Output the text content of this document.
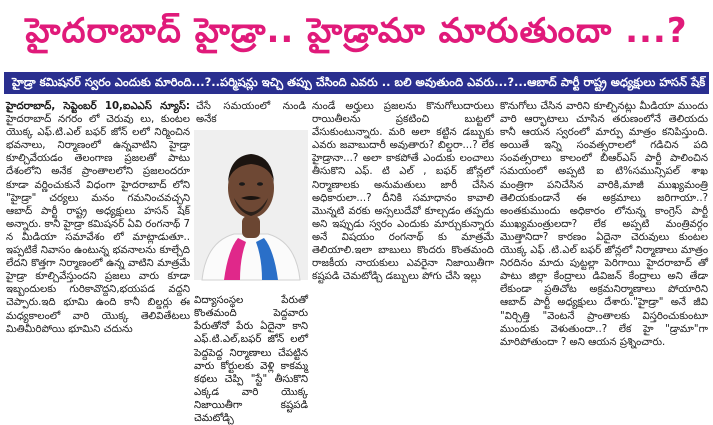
హైదరాబాద్ హైడ్రా.. హైడ్రామా మారుతుందా ...?
హైడ్రా కమిషనర్ స్వరం ఎందుకు మారింది...?..పర్మిషన్లు ఇచ్చి తప్పు చేసింది ఎవరు .. బలి అవుతుంది ఎవరు...?...ఆబాద్ పార్టీ రాష్ట్ర అధ్యక్షులు హసన్ షేక్

హైదరాబాద్, సెప్టెంబర్ 10,ఐఎఎస్ న్యూస్: హైదరాబాద్ నగరం లో చెరువు లు, కుంటల యొక్క ఎఫ్.టి.ఎల్ బఫర్ జోన్ లలో నిర్మించిన భవనాలు, నిర్మాణంలో ఉన్నవాటిని హైడ్రా కూల్చివేయడం తెలంగాణ ప్రజలతో పాటు దేశంలోని అనేక ప్రాంతాలలోని ప్రజలందరూ కూడా వర్ణించుకునే విధంగా హైదరాబాద్ లోని "హైడ్రా" చర్యలు మనం గమనించవచ్చని ఆబాద్ పార్టీ రాష్ట్ర అధ్యక్షులు హసన్ షేక్ అన్నారు. కానీ హైడ్రా కమిషనర్ ఏవి రంగనాథ్ 7 న మీడియా సమావేశం లో మాట్లాడుతూ.. ఇప్పటికే నివాసం ఉంటున్న భవనాలను కూల్చేది లేదని కొత్తగా నిర్మాణంలో ఉన్న వాటిని మాత్రమే హైడ్రా కూల్చివేస్తుందని ప్రజలు వారు కూడా ఇబ్బందులకు గురికావొద్దని,భయపడ వద్దని చెప్పారు.ఇది భూమి ఉంది కానీ బిల్డర్లు ఈ మధ్యకాలంలో వారి యొక్క తెలివితేటలు మితిమీరిపోయి భూమిని చదును

చేసే సమయంలో నుండి అనేక

విద్యాసంస్థల పేరుతో కొంతమంది పెద్దవారు పేరుతోనో పేరు ఏదైనా కాని ఎఫ్.టి.ఎల్,బఫర్ జోన్ లలో పెద్దపెద్ద నిర్మాణాలు చేపట్టిన వారు కోర్టులకు వెళ్లి కాకమ్మ కథలు చెప్పి "స్టే" తీసుకొని ఎక్కడ వారి యొక్క నిజాయితీగా కష్టపడి చెమటోడ్చి

నుండే అర్హులు ప్రజలను కొనుగోలుదారులు రాయితీలను ప్రకటించి బుట్టలో వేసుకుంటున్నారు. మరి అలా కట్టిన డబ్బుకు ఎవరు జవాబుదారీ అవుతారు? బిల్డరా...? లేక హైడ్రానా...? అలా కాకపోతే ఎందుకు లంచాలు తీసుకొని ఎఫ్. టి ఎల్ , బఫర్ జోన్లలో నిర్మాణాలకు అనుమతులు జారీ చేసిన అధికారులా...? దీనికి సమాధానం కావాలి మొన్నటి వరకు అస్సలుదేవో కూల్చడం తప్పదు అని ఇప్పుడు స్వరం ఎందుకు మార్చుకున్నారు అనే విషయం రంగనాథ్ కు మాత్రమే తెలియాలి.ఇలా బాబులు కొందరు కొంతమంది రాజకీయ నాయకులు ఎవరైనా నిజాయితీగా కష్టపడి చెమటోడ్చి డబ్బులు పోగు చేసి ఇల్లు

కొనుగోలు చేసిన వారిని కూల్చినట్లు మీడియా ముందు వారి ఆర్భాటాలు చూసిన తరుణంలోనే తెలియదు కానీ ఆయన స్వరంలో మార్పు మాత్రం కనిపిస్తుంది. అయితే ఇన్ని సంవత్సరాలలో గడిచిన పది సంవత్సరాలు కాలంలో బీఆర్ఎస్ పార్టీ పాలించిన సమయంలో అప్పటి ఐ టి%సమున్సిపల్ శాఖ మంత్రిగా పనిచేసిన వారికి,మాజీ ముఖ్యమంత్రి తెలియకుండానే ఈ అక్రమాలు జరిగాయా..? అంతకుముందు అధికారం లోనున్న కాంగ్రెస్ పార్టీ ముఖ్యమంత్రులదా? లేక అప్పటి మంత్రివర్గం మొత్తానిదా? కారణం ఏదైనా చెరువులు కుంటల యొక్క ఎఫ్ .టి.ఎల్ బఫర్ జోన్లలో నిర్మాణాలు మాత్రం నిరదినం మాదు పుట్టల్లా పెరిగాయి హైదరాబాద్ తో పాటు జిల్లా కేంద్రాలు డివిజన్ కేంద్రాలు అని తేడా లేకుండా ప్రతిచోట అక్రమనిర్మాణాలు పోయారిని ఆబాద్ పార్టీ అధ్యక్షులు దేశారు."హైడ్రా" అనే జీవి "విర్చిత్తి "వెంటనే ప్రాంతాలకు విస్తరించుకుంటూ ముందుకు వెళుతుందా..? లేక హై "డ్రామా"గా మారిపోతుందా ? అని ఆయన ప్రశ్నించారు.
